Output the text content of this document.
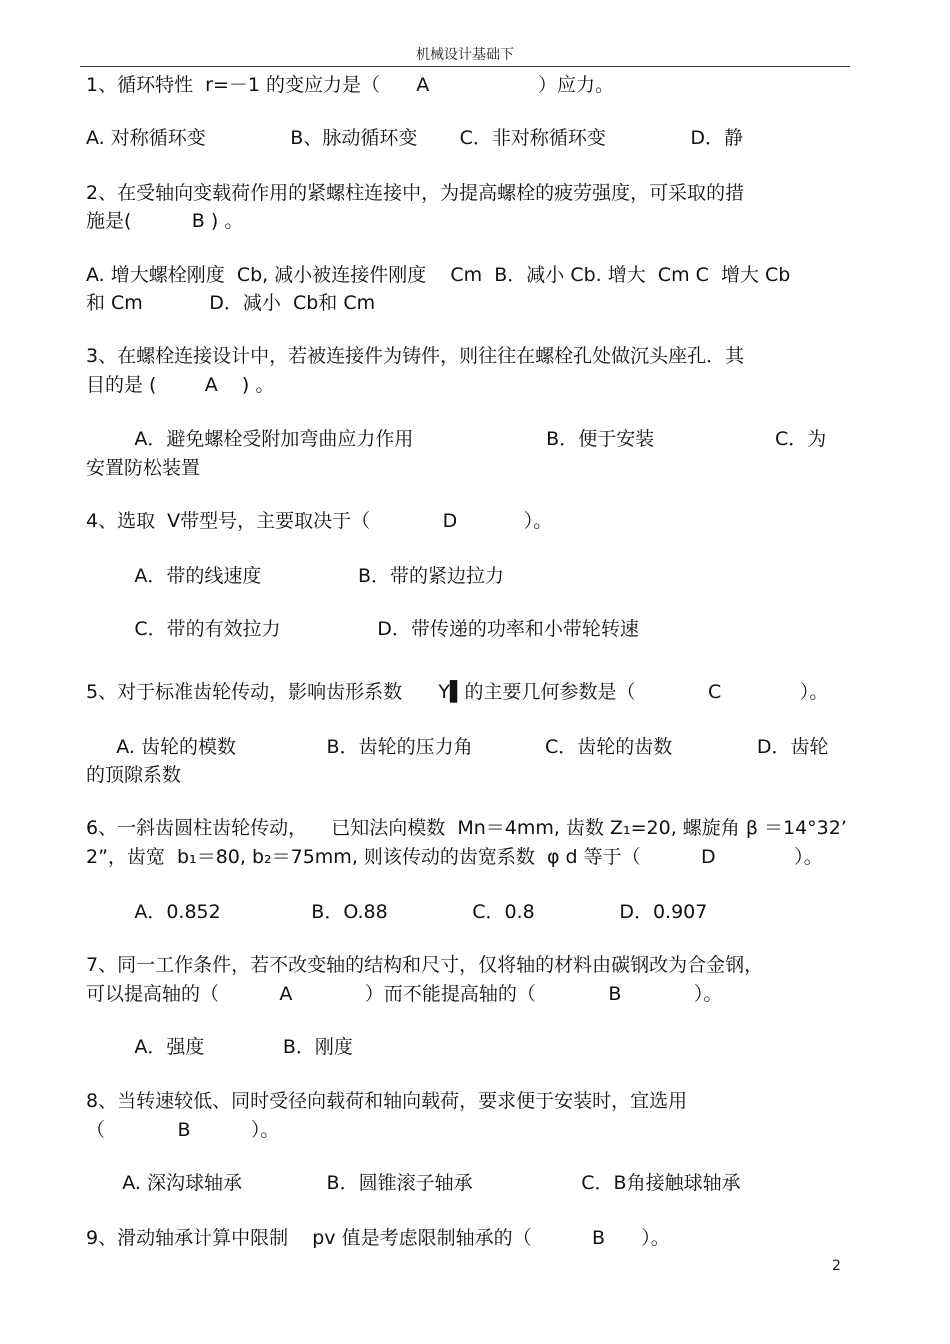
机械设计基础下
1、循环特性  r=－1 的变应力是（      A                  ）应力。
A. 对称循环变              B、脉动循环变       C．非对称循环变              D．静
2、在受轴向变载荷作用的紧螺柱连接中，为提高螺栓的疲劳强度，可采取的措
施是(          B ) 。
A. 增大螺栓刚度  Cb, 减小被连接件刚度    Cm  B．减小 Cb. 增大  Cm C  增大 Cb
和 Cm           D．减小  Cb和 Cm
3、在螺栓连接设计中，若被连接件为铸件，则往往在螺栓孔处做沉头座孔．其
目的是 (        A    ) 。
A．避免螺栓受附加弯曲应力作用                      B．便于安装                    C．为
安置防松装置
4、选取  V带型号，主要取决于（            D           ）。
A．带的线速度                B．带的紧边拉力
C．带的有效拉力                D．带传递的功率和小带轮转速
5、对于标准齿轮传动，影响齿形系数      Y▌的主要几何参数是（            C             ）。
A. 齿轮的模数               B．齿轮的压力角            C．齿轮的齿数              D．齿轮
的顶隙系数
6、一斜齿圆柱齿轮传动，    已知法向模数  Mn＝4mm, 齿数 Z₁=20, 螺旋角 β ＝14°32’
2”，齿宽  b₁＝80, b₂＝75mm, 则该传动的齿宽系数  φ d 等于（          D             ）。
A．0.852               B．O.88              C．0.8              D．0.907
7、同一工作条件，若不改变轴的结构和尺寸，仅将轴的材料由碳钢改为合金钢，
可以提高轴的（          A            ）而不能提高轴的（            B            ）。
A．强度             B．刚度
8、当转速较低、同时受径向载荷和轴向载荷，要求便于安装时，宜选用
（            B          ）。
A. 深沟球轴承              B．圆锥滚子轴承                  C．B角接触球轴承
9、滑动轴承计算中限制    pv 值是考虑限制轴承的（          B      ）。
2
